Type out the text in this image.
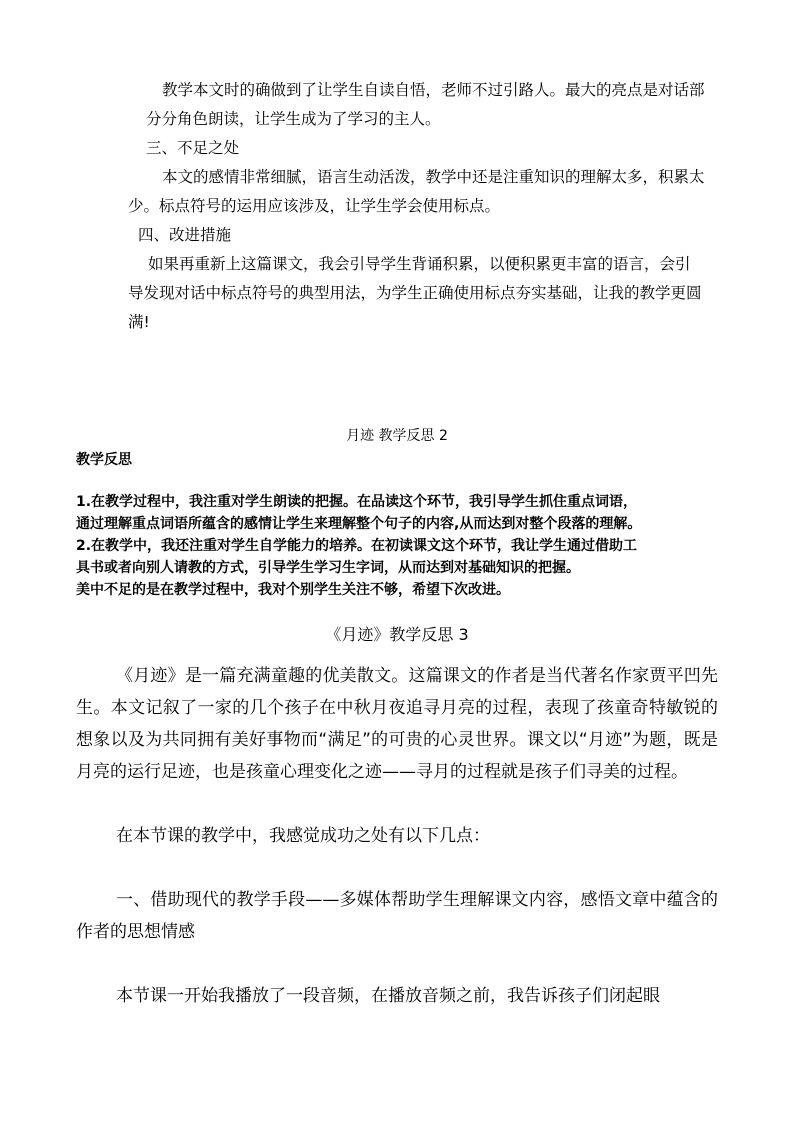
教学本文时的确做到了让学生自读自悟，老师不过引路人。最大的亮点是对话部

分分角色朗读，让学生成为了学习的主人。

三、不足之处

本文的感情非常细腻，语言生动活泼，教学中还是注重知识的理解太多，积累太

少。标点符号的运用应该涉及，让学生学会使用标点。

四、改进措施

如果再重新上这篇课文，我会引导学生背诵积累，以便积累更丰富的语言，会引

导发现对话中标点符号的典型用法，为学生正确使用标点夯实基础，让我的教学更圆

满!

月迹 教学反思 2

教学反思

1.在教学过程中，我注重对学生朗读的把握。在品读这个环节，我引导学生抓住重点词语，

通过理解重点词语所蕴含的感情让学生来理解整个句子的内容,从而达到对整个段落的理解。

2.在教学中，我还注重对学生自学能力的培养。在初读课文这个环节，我让学生通过借助工

具书或者向别人请教的方式，引导学生学习生字词，从而达到对基础知识的把握。

美中不足的是在教学过程中，我对个别学生关注不够，希望下次改进。

《月迹》教学反思 3

《月迹》是一篇充满童趣的优美散文。这篇课文的作者是当代著名作家贾平凹先生。本文记叙了一家的几个孩子在中秋月夜追寻月亮的过程，表现了孩童奇特敏锐的想象以及为共同拥有美好事物而“满足”的可贵的心灵世界。课文以“月迹”为题，既是月亮的运行足迹，也是孩童心理变化之迹——寻月的过程就是孩子们寻美的过程。

在本节课的教学中，我感觉成功之处有以下几点：

一、借助现代的教学手段——多媒体帮助学生理解课文内容，感悟文章中蕴含的作者的思想情感

本节课一开始我播放了一段音频，在播放音频之前，我告诉孩子们闭起眼
